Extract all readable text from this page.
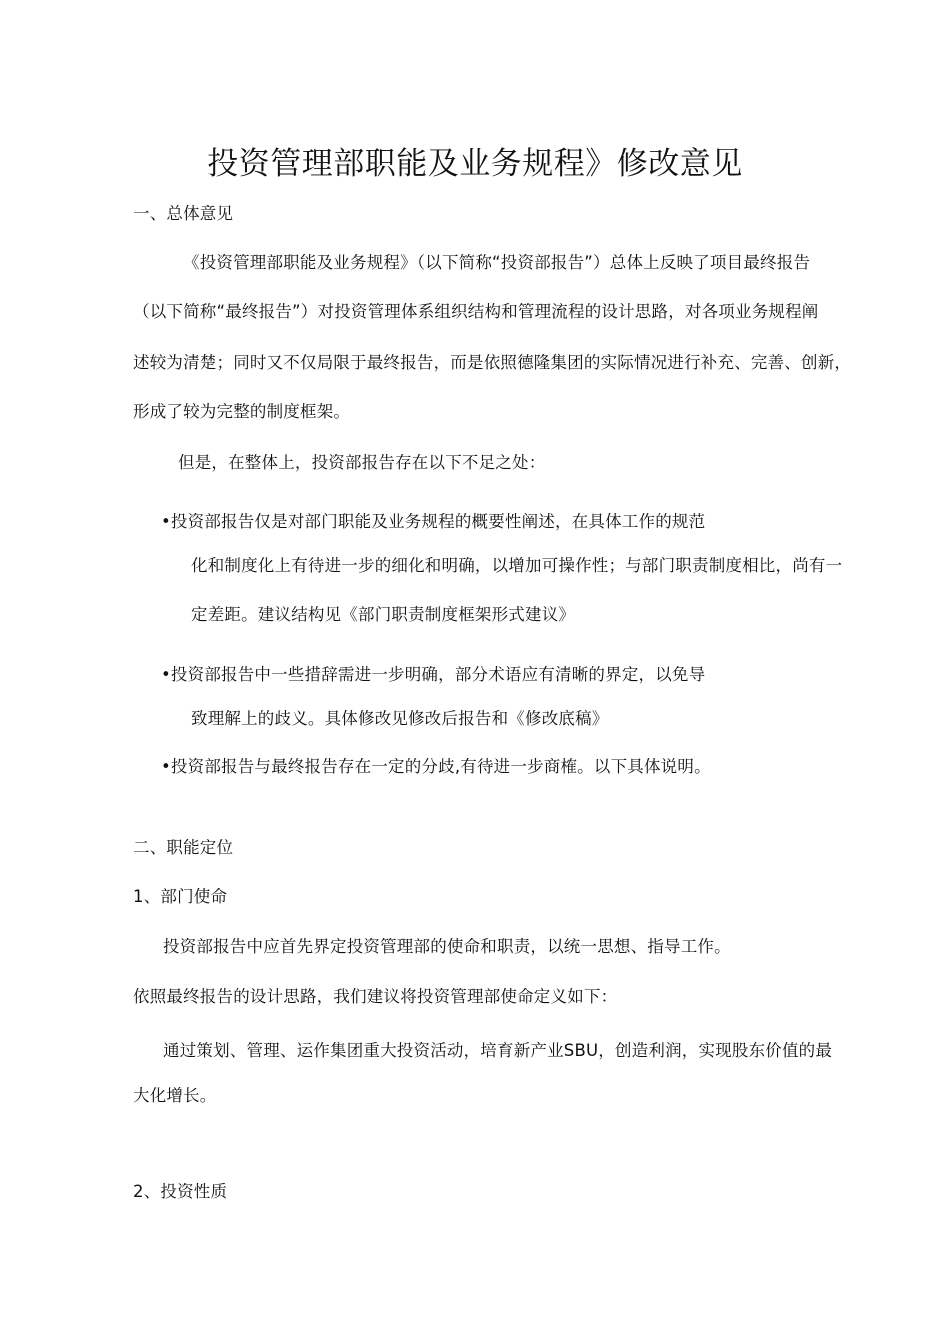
投资管理部职能及业务规程》修改意见
一、总体意见
《投资管理部职能及业务规程》（以下简称“投资部报告”）总体上反映了项目最终报告
（以下简称“最终报告”）对投资管理体系组织结构和管理流程的设计思路，对各项业务规程阐
述较为清楚；同时又不仅局限于最终报告，而是依照德隆集团的实际情况进行补充、完善、创新，
形成了较为完整的制度框架。
但是，在整体上，投资部报告存在以下不足之处：
•投资部报告仅是对部门职能及业务规程的概要性阐述，在具体工作的规范
化和制度化上有待进一步的细化和明确，以增加可操作性；与部门职责制度相比，尚有一
定差距。建议结构见《部门职责制度框架形式建议》
•投资部报告中一些措辞需进一步明确，部分术语应有清晰的界定，以免导
致理解上的歧义。具体修改见修改后报告和《修改底稿》
•投资部报告与最终报告存在一定的分歧,有待进一步商榷。以下具体说明。
二、职能定位
1、部门使命
投资部报告中应首先界定投资管理部的使命和职责，以统一思想、指导工作。
依照最终报告的设计思路，我们建议将投资管理部使命定义如下：
通过策划、管理、运作集团重大投资活动，培育新产业SBU，创造利润，实现股东价值的最
大化增长。
2、投资性质
